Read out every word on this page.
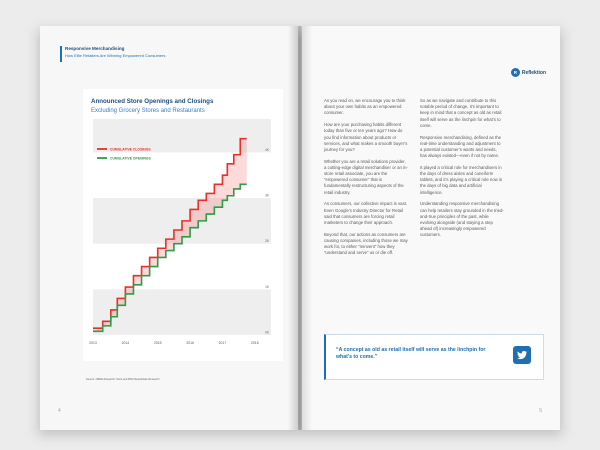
Responsive Merchandising
How Elite Retailers Are Winning Empowered Consumers
Announced Store Openings and Closings
Excluding Grocery Stores and Restaurants
0K
1K
2K
3K
4K
2013	2014	2015	2016	2017	2018
CUMULATIVE CLOSINGS
CUMULATIVE OPENINGS
Source: CBRE Research; Store and BNC Real Estate Research
4
R Reflektion

As you read on, we encourage you to think about your own habits as an empowered consumer.

How are your purchasing habits different today than five or ten years ago? How do you find information about products or services, and what makes a smooth buyer’s journey for you?

Whether you are a retail solutions provider, a cutting-edge digital merchandiser or an in-store retail associate, you are the “empowered consumer” that is fundamentally restructuring aspects of the retail industry.

As consumers, our collective impact is vast. Even Google’s Industry Director for Retail said that consumers are forcing retail marketers to change their approach.

Beyond that, our actions as consumers are causing companies, including those we may work for, to either “reinvent” how they “understand and serve” us or die off.

So as we navigate and contribute to this notable period of change, it’s important to keep in mind that a concept as old as retail itself will serve as the linchpin for what’s to come.

Responsive merchandising, defined as the real-time understanding and adjustment to a potential customer’s wants and needs, has always existed—even if not by name.

It played a critical role for merchandisers in the days of dress aisles and cuneiform tablets, and it’s playing a critical role now in the days of big data and artificial intelligence.

Understanding responsive merchandising can help retailers stay grounded in the tried-and-true principles of the past, while evolving alongside (and staying a step ahead of) increasingly empowered customers.

“A concept as old as retail itself will serve as the linchpin for what’s to come.”
5
